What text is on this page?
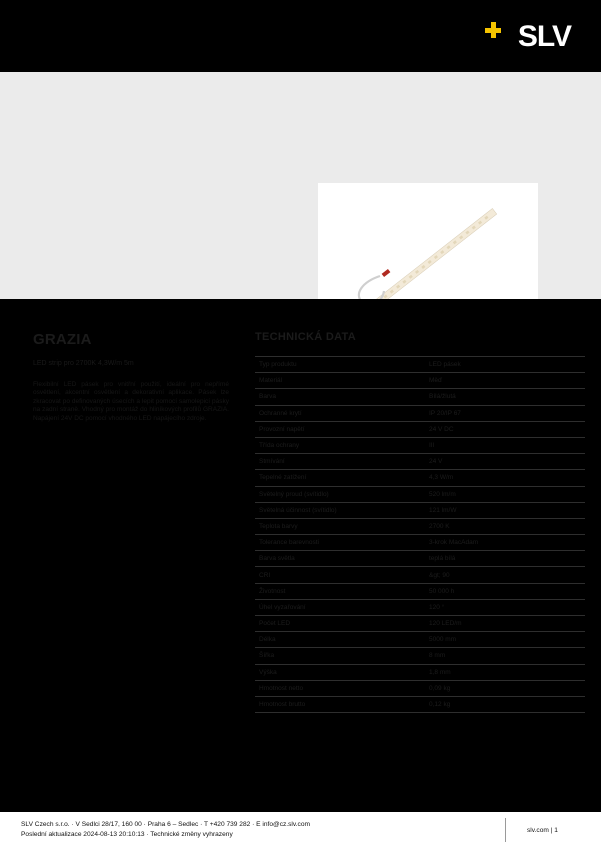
SLV
GRAZIA
LED strip pro 2700K 4,3W/m 5m

Flexibilní LED pásek pro vnitřní použití, ideální pro nepřímé osvětlení, akcentní osvětlení a dekorativní aplikace. Pásek lze zkracovat po definovaných úsecích a lepit pomocí samolepicí pásky na zadní straně. Vhodný pro montáž do hliníkových profilů GRAZIA. Napájení 24V DC pomocí vhodného LED napájecího zdroje.

TECHNICKÁ DATA
Typ produktu	LED pásek
Materiál	Měď
Barva	Bílá/žlutá
Ochranné krytí	IP 20/IP 67
Provozní napětí	24 V DC
Třída ochrany	III
Stmívání	24 V
Tepelné zatížení	4,3 W/m
Světelný proud (svítidlo)	520 lm/m
Světelná účinnost (svítidlo)	121 lm/W
Teplota barvy	2700 K
Tolerance barevnosti	3-krok MacAdam
Barva světla	teplá bílá
CRI	&gt; 90
Životnost	50 000 h
Úhel vyzařování	120 °
Počet LED	120 LED/m
Délka	5000 mm
Šířka	8 mm
Výška	1,8 mm
Hmotnost netto	0,09 kg
Hmotnost brutto	0,12 kg
SLV Czech s.r.o. · V Sedlci 28/17, 160 00 · Praha 6 – Sedlec · T +420 739 282 · E info@cz.slv.com
Poslední aktualizace 2024-08-13 20:10:13 · Technické změny vyhrazeny
slv.com | 1
